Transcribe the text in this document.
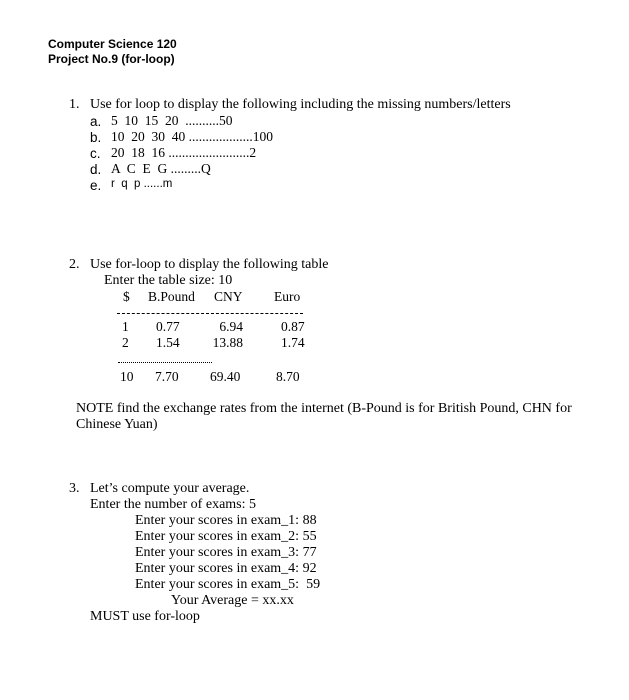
Computer Science 120
Project No.9 (for-loop)
1. Use for loop to display the following including the missing numbers/letters
a. 5  10  15  20  ..........50
b. 10  20  30  40 ...................100
c. 20  18  16 ........................2
d. A  C  E  G .........Q
e. r  q  p ......m
2. Use for-loop to display the following table
Enter the table size: 10
$ B.Pound CNY Euro
1 0.77	6.94	0.87
2 1.54	13.88	1.74
10 7.70 69.40	8.70
NOTE find the exchange rates from the internet (B-Pound is for British Pound, CHN for
Chinese Yuan)
3. Let’s compute your average.
Enter the number of exams: 5
Enter your scores in exam_1: 88
Enter your scores in exam_2: 55
Enter your scores in exam_3: 77
Enter your scores in exam_4: 92
Enter your scores in exam_5:  59
Your Average = xx.xx
MUST use for-loop
